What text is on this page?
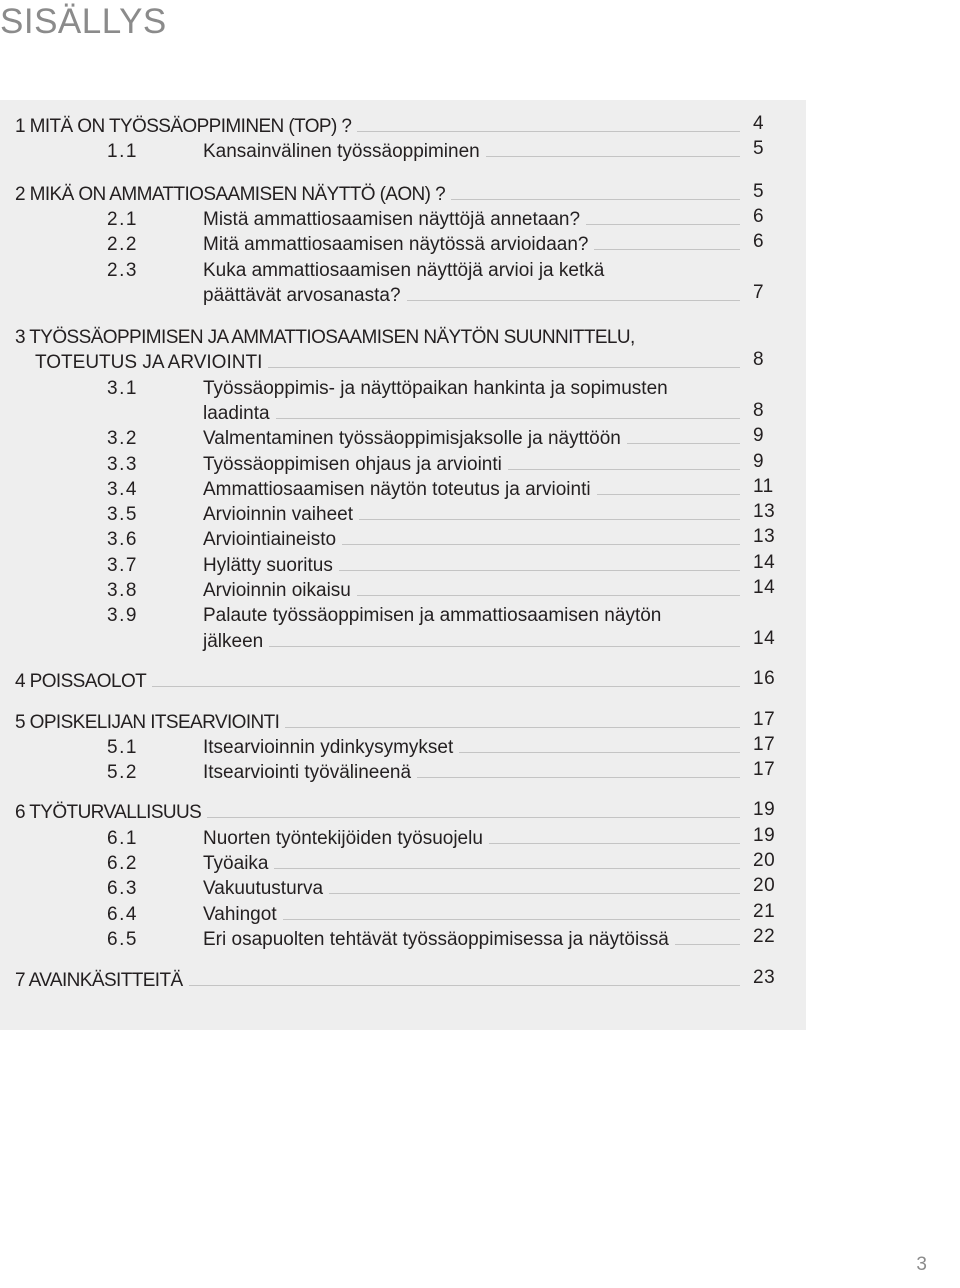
SISÄLLYS
1 MITÄ ON TYÖSSÄOPPIMINEN (TOP) ?	4
1.1	Kansainvälinen työssäoppiminen	5
2 MIKÄ ON AMMATTIOSAAMISEN NÄYTTÖ (AON) ?	5
2.1	Mistä ammattiosaamisen näyttöjä annetaan?	6
2.2	Mitä ammattiosaamisen näytössä arvioidaan?	6
2.3	Kuka ammattiosaamisen näyttöjä arvioi ja ketkä
päättävät arvosanasta?	7
3 TYÖSSÄOPPIMISEN JA AMMATTIOSAAMISEN NÄYTÖN SUUNNITTELU,
TOTEUTUS JA ARVIOINTI	8
3.1	Työssäoppimis- ja näyttöpaikan hankinta ja sopimusten
laadinta	8
3.2	Valmentaminen työssäoppimisjaksolle ja näyttöön	9
3.3	Työssäoppimisen ohjaus ja arviointi	9
3.4	Ammattiosaamisen näytön toteutus ja arviointi	11
3.5	Arvioinnin vaiheet	13
3.6	Arviointiaineisto	13
3.7	Hylätty suoritus	14
3.8	Arvioinnin oikaisu	14
3.9	Palaute työssäoppimisen ja ammattiosaamisen näytön
jälkeen	14
4 POISSAOLOT	16
5 OPISKELIJAN ITSEARVIOINTI	17
5.1	Itsearvioinnin ydinkysymykset	17
5.2	Itsearviointi työvälineenä	17
6 TYÖTURVALLISUUS	19
6.1	Nuorten työntekijöiden työsuojelu	19
6.2	Työaika	20
6.3	Vakuutusturva	20
6.4	Vahingot	21
6.5	Eri osapuolten tehtävät työssäoppimisessa ja näytöissä	22
7 AVAINKÄSITTEITÄ	23
3
